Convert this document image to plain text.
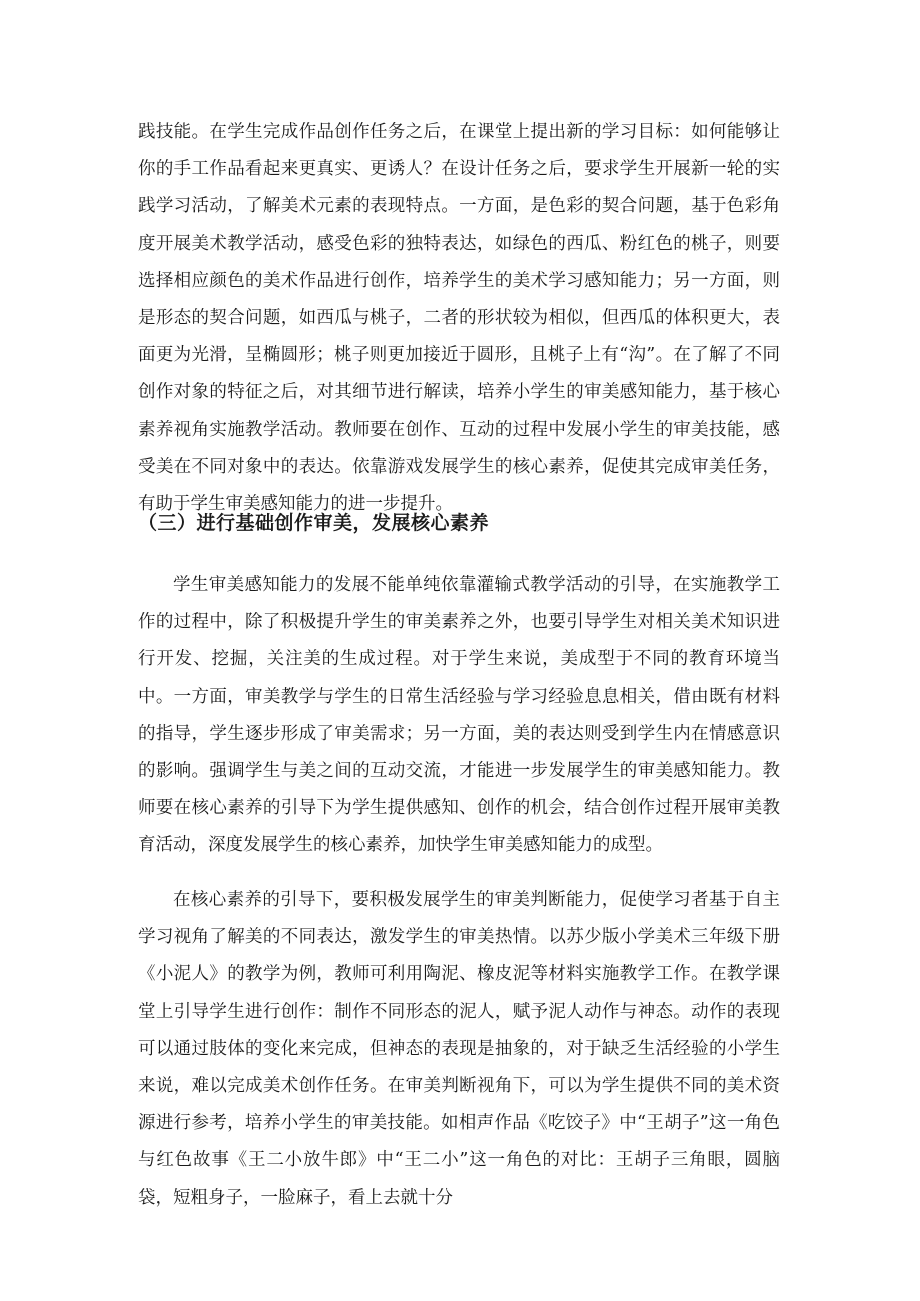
践技能。在学生完成作品创作任务之后，在课堂上提出新的学习目标：如何能够让你的手工作品看起来更真实、更诱人？在设计任务之后，要求学生开展新一轮的实践学习活动，了解美术元素的表现特点。一方面，是色彩的契合问题，基于色彩角度开展美术教学活动，感受色彩的独特表达，如绿色的西瓜、粉红色的桃子，则要选择相应颜色的美术作品进行创作，培养学生的美术学习感知能力；另一方面，则是形态的契合问题，如西瓜与桃子，二者的形状较为相似，但西瓜的体积更大，表面更为光滑，呈椭圆形；桃子则更加接近于圆形，且桃子上有“沟”。在了解了不同创作对象的特征之后，对其细节进行解读，培养小学生的审美感知能力，基于核心素养视角实施教学活动。教师要在创作、互动的过程中发展小学生的审美技能，感受美在不同对象中的表达。依靠游戏发展学生的核心素养，促使其完成审美任务，有助于学生审美感知能力的进一步提升。

（三）进行基础创作审美，发展核心素养

学生审美感知能力的发展不能单纯依靠灌输式教学活动的引导，在实施教学工作的过程中，除了积极提升学生的审美素养之外，也要引导学生对相关美术知识进行开发、挖掘，关注美的生成过程。对于学生来说，美成型于不同的教育环境当中。一方面，审美教学与学生的日常生活经验与学习经验息息相关，借由既有材料的指导，学生逐步形成了审美需求；另一方面，美的表达则受到学生内在情感意识的影响。强调学生与美之间的互动交流，才能进一步发展学生的审美感知能力。教师要在核心素养的引导下为学生提供感知、创作的机会，结合创作过程开展审美教育活动，深度发展学生的核心素养，加快学生审美感知能力的成型。

在核心素养的引导下，要积极发展学生的审美判断能力，促使学习者基于自主学习视角了解美的不同表达，激发学生的审美热情。以苏少版小学美术三年级下册《小泥人》的教学为例，教师可利用陶泥、橡皮泥等材料实施教学工作。在教学课堂上引导学生进行创作：制作不同形态的泥人，赋予泥人动作与神态。动作的表现可以通过肢体的变化来完成，但神态的表现是抽象的，对于缺乏生活经验的小学生来说，难以完成美术创作任务。在审美判断视角下，可以为学生提供不同的美术资源进行参考，培养小学生的审美技能。如相声作品《吃饺子》中“王胡子”这一角色与红色故事《王二小放牛郎》中“王二小”这一角色的对比：王胡子三角眼，圆脑袋，短粗身子，一脸麻子，看上去就十分
